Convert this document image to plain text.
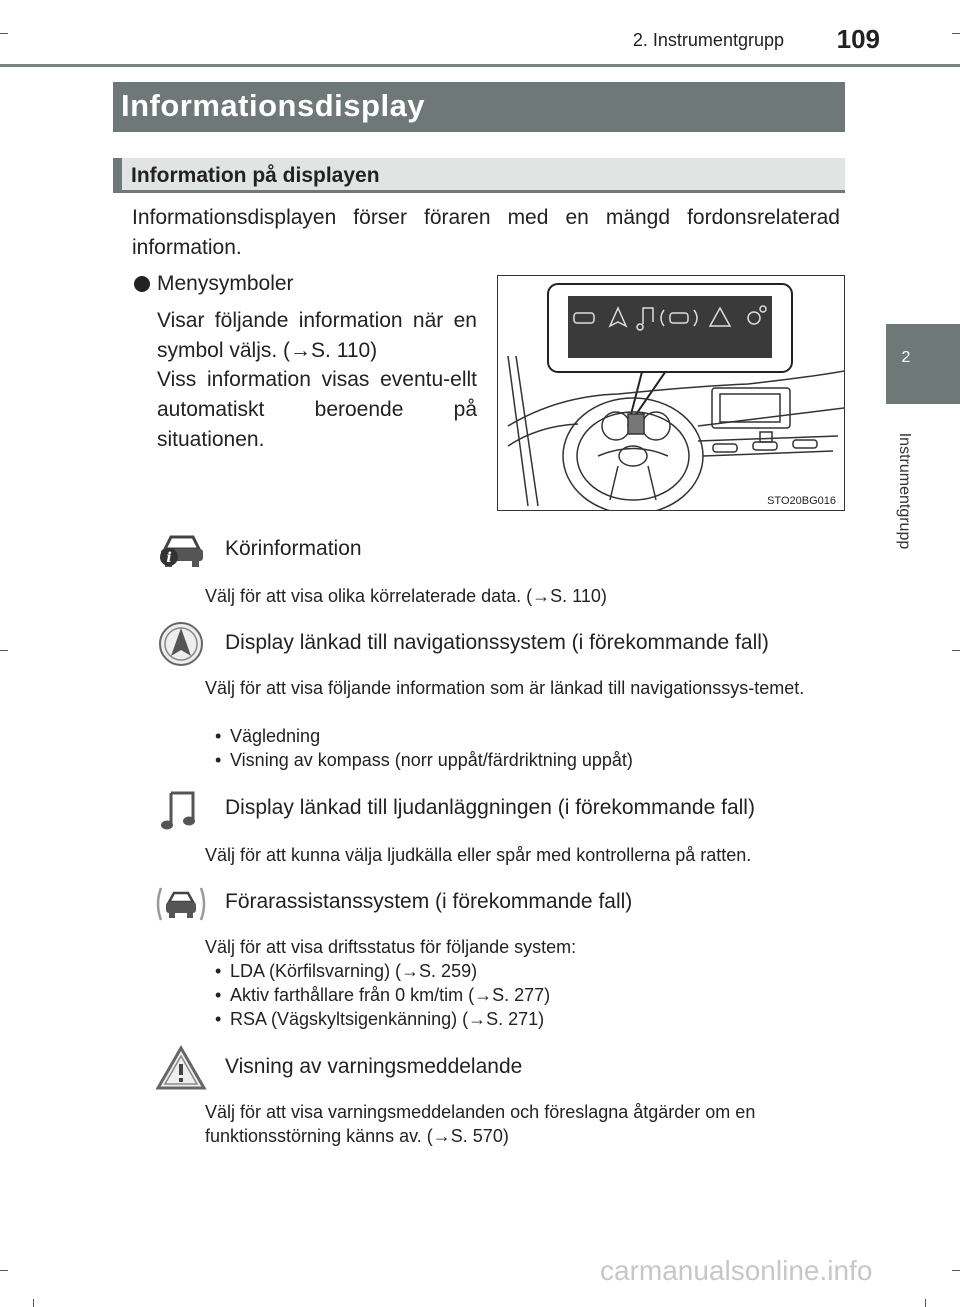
2. Instrumentgrupp	109
2
Instrumentgrupp
Informationsdisplay
Information på displayen
Informationsdisplayen förser föraren med en mängd fordonsrelaterad information.
Menysymboler
Visar följande information när en symbol väljs. (→S. 110)
Viss information visas eventu-ellt automatiskt beroende på situationen.
STO20BG016
i	Körinformation
Välj för att visa olika körrelaterade data. (→S. 110)
Display länkad till navigationssystem (i förekommande fall)
Välj för att visa följande information som är länkad till navigationssys-temet.
• Vägledning
• Visning av kompass (norr uppåt/färdriktning uppåt)
Display länkad till ljudanläggningen (i förekommande fall)
Välj för att kunna välja ljudkälla eller spår med kontrollerna på ratten.
Förarassistanssystem (i förekommande fall)
Välj för att visa driftsstatus för följande system:
• LDA (Körfilsvarning) (→S. 259)
• Aktiv farthållare från 0 km/tim (→S. 277)
• RSA (Vägskyltsigenkänning) (→S. 271)
Visning av varningsmeddelande
Välj för att visa varningsmeddelanden och föreslagna åtgärder om en funktionsstörning känns av. (→S. 570)
carmanualsonline.info
